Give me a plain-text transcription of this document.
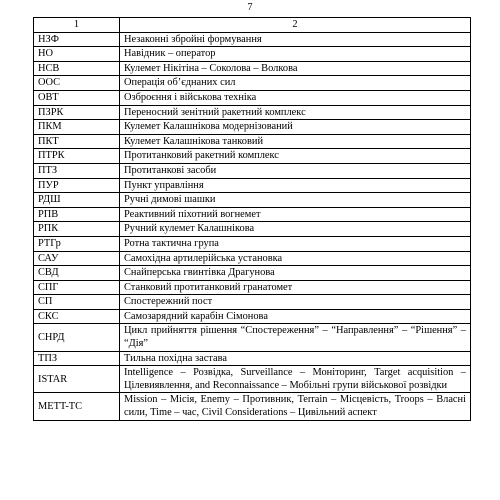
7
1	2
НЗФ	Незаконні збройні формування
НО	Навідник – оператор
НСВ	Кулемет Нікітіна – Соколова – Волкова
ООС	Операція об’єднаних сил
ОВТ	Озброєння і військова техніка
ПЗРК	Переносний зенітний ракетний комплекс
ПКМ	Кулемет Калашнікова модернізований
ПКТ	Кулемет Калашнікова танковий
ПТРК	Протитанковий ракетний комплекс
ПТЗ	Протитанкові засоби
ПУР	Пункт управління
РДШ	Ручні димові шашки
РПВ	Реактивний піхотний вогнемет
РПК	Ручний кулемет Калашнікова
РТГр	Ротна тактична група
САУ	Самохідна артилерійська установка
СВД	Снайперська гвинтівка Драгунова
СПГ	Станковий протитанковий гранатомет
СП	Спостережний пост
СКС	Самозарядний карабін Сімонова
СНРД	Цикл прийняття рішення “Спостереження” – “Направлення” – “Рішення” – “Дія”
ТПЗ	Тильна похідна застава
ISTAR	Intelligence – Розвідка, Surveillance – Моніторинг, Target acquisition – Цілевиявлення, and Reconnaissance – Мобільні групи військової розвідки
METT-TC	Mission – Місія, Enemy – Противник, Terrain – Місцевість, Troops – Власні сили, Time – час, Civil Considerations – Цивільний аспект
